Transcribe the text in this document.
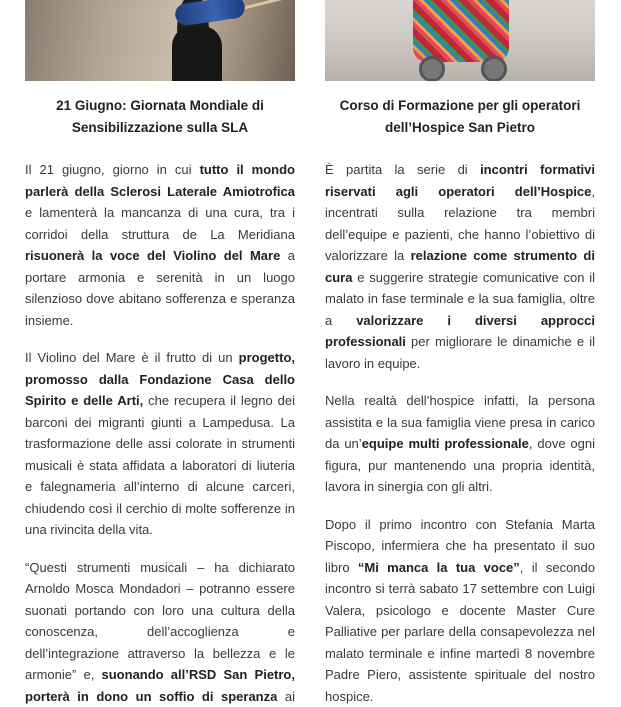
21 Giugno: Giornata Mondiale di
Sensibilizzazione sulla SLA
Il 21 giugno, giorno in cui tutto il mondo
parlerà della Sclerosi Laterale Amiotrofica
e lamenterà la mancanza di una cura, tra i
corridoi della struttura de La Meridiana
risuonerà la voce del Violino del Mare a
portare armonia e serenità in un luogo
silenzioso dove abitano sofferenza e speranza
insieme.
Il Violino del Mare è il frutto di un progetto,
promosso dalla Fondazione Casa dello
Spirito e delle Arti, che recupera il legno dei
barconi dei migranti giunti a Lampedusa. La
trasformazione delle assi colorate in strumenti
musicali è stata affidata a laboratori di liuteria
e falegnameria all’interno di alcune carceri,
chiudendo così il cerchio di molte sofferenze in
una rivincita della vita.
“Questi strumenti musicali – ha dichiarato
Arnoldo Mosca Mondadori – potranno essere
suonati portando con loro una cultura della
conoscenza, dell’accoglienza e
dell’integrazione attraverso la bellezza e le
armonie” e, suonando all’RSD San Pietro,
porterà in dono un soffio di speranza ai
Corso di Formazione per gli operatori
dell’Hospice San Pietro
È partita la serie di incontri formativi
riservati agli operatori dell’Hospice,
incentrati sulla relazione tra membri
dell’equipe e pazienti, che hanno l’obiettivo di
valorizzare la relazione come strumento di
cura e suggerire strategie comunicative con il
malato in fase terminale e la sua famiglia, oltre
a valorizzare i diversi approcci
professionali per migliorare le dinamiche e il
lavoro in equipe.
Nella realtà dell’hospice infatti, la persona
assistita e la sua famiglia viene presa in carico
da un’equipe multi professionale, dove ogni
figura, pur mantenendo una propria identità,
lavora in sinergia con gli altri.
Dopo il primo incontro con Stefania Marta
Piscopo, infermiera che ha presentato il suo
libro “Mi manca la tua voce”, il secondo
incontro si terrà sabato 17 settembre con Luigi
Valera, psicologo e docente Master Cure
Palliative per parlare della consapevolezza nel
malato terminale e infine martedì 8 novembre
Padre Piero, assistente spirituale del nostro
hospice.
